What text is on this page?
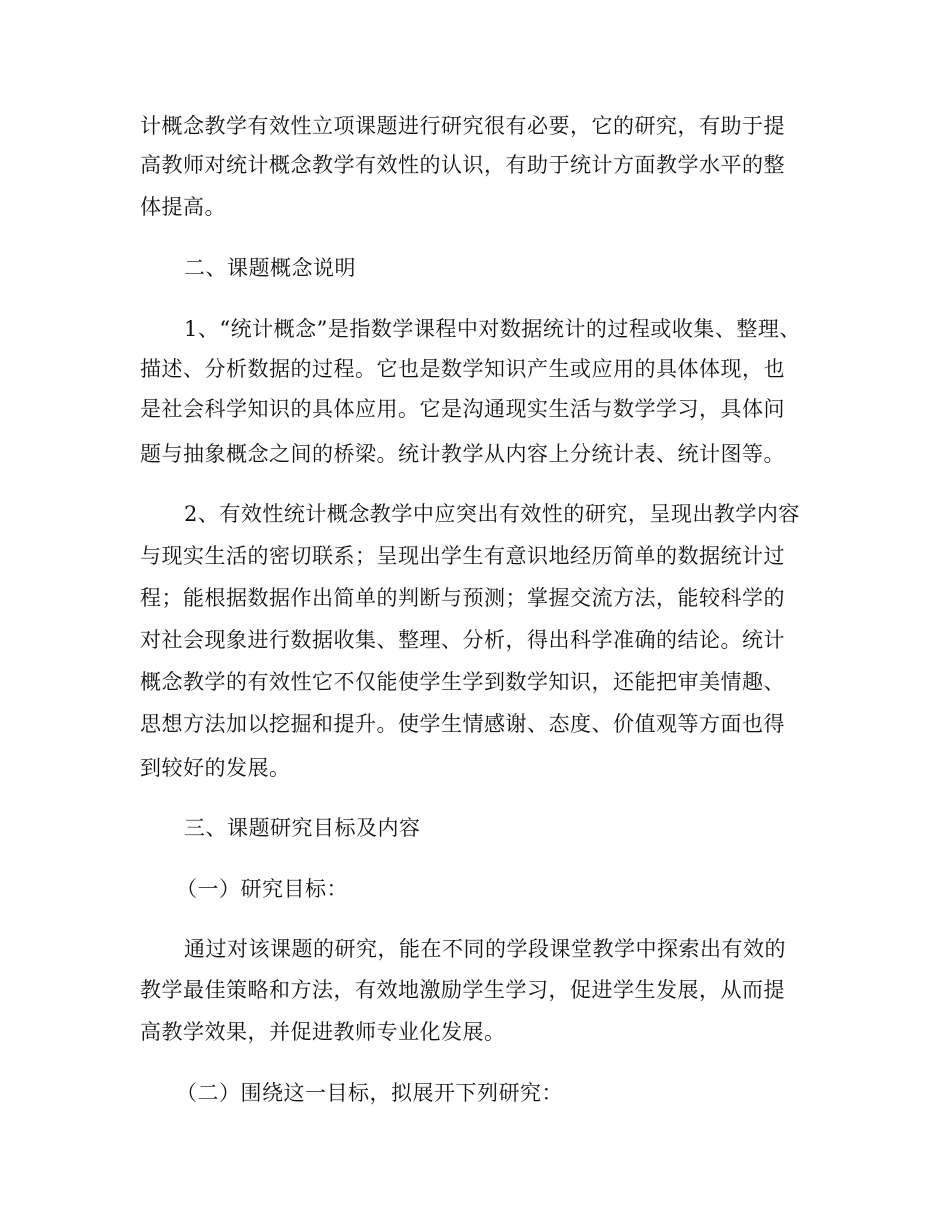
计概念教学有效性立项课题进行研究很有必要，它的研究，有助于提
高教师对统计概念教学有效性的认识，有助于统计方面教学水平的整
体提高。
二、课题概念说明
1、“统计概念”是指数学课程中对数据统计的过程或收集、整理、
描述、分析数据的过程。它也是数学知识产生或应用的具体体现，也
是社会科学知识的具体应用。它是沟通现实生活与数学学习，具体问
题与抽象概念之间的桥梁。统计教学从内容上分统计表、统计图等。
2、有效性统计概念教学中应突出有效性的研究，呈现出教学内容
与现实生活的密切联系；呈现出学生有意识地经历简单的数据统计过
程；能根据数据作出简单的判断与预测；掌握交流方法，能较科学的
对社会现象进行数据收集、整理、分析，得出科学准确的结论。统计
概念教学的有效性它不仅能使学生学到数学知识，还能把审美情趣、
思想方法加以挖掘和提升。使学生情感谢、态度、价值观等方面也得
到较好的发展。
三、课题研究目标及内容
（一）研究目标：
通过对该课题的研究，能在不同的学段课堂教学中探索出有效的
教学最佳策略和方法，有效地激励学生学习，促进学生发展，从而提
高教学效果，并促进教师专业化发展。
（二）围绕这一目标，拟展开下列研究：
